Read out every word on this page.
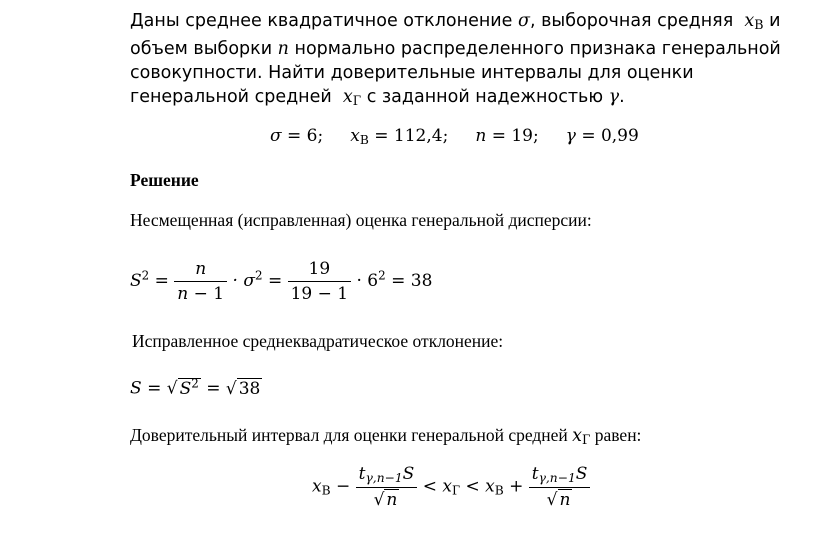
Даны среднее квадратичное отклонение σ, выборочная средняя $x_В$ и
объем выборки n нормально распределенного признака генеральной
совокупности. Найти доверительные интервалы для оценки
генеральной средней $x_Г$ с заданной надежностью γ.
σ = 6; $x_В = 112,4$; n = 19; γ = 0,99
Решение
Несмещенная (исправленная) оценка генеральной дисперсии:
$S^2 = \frac{n}{n - 1} \cdot \sigma^2 = \frac{19}{19 - 1} \cdot 6^2 = 38$
Исправленное среднеквадратическое отклонение:
S = √ $S^2$ = √ 38
Доверительный интервал для оценки генеральной средней $x_Г$ равен:
$x_В - \frac{t_{\gamma,n-1}S}{√ n} < x_Г < x_В + \frac{t_{\gamma,n-1}S}{√ n}$
